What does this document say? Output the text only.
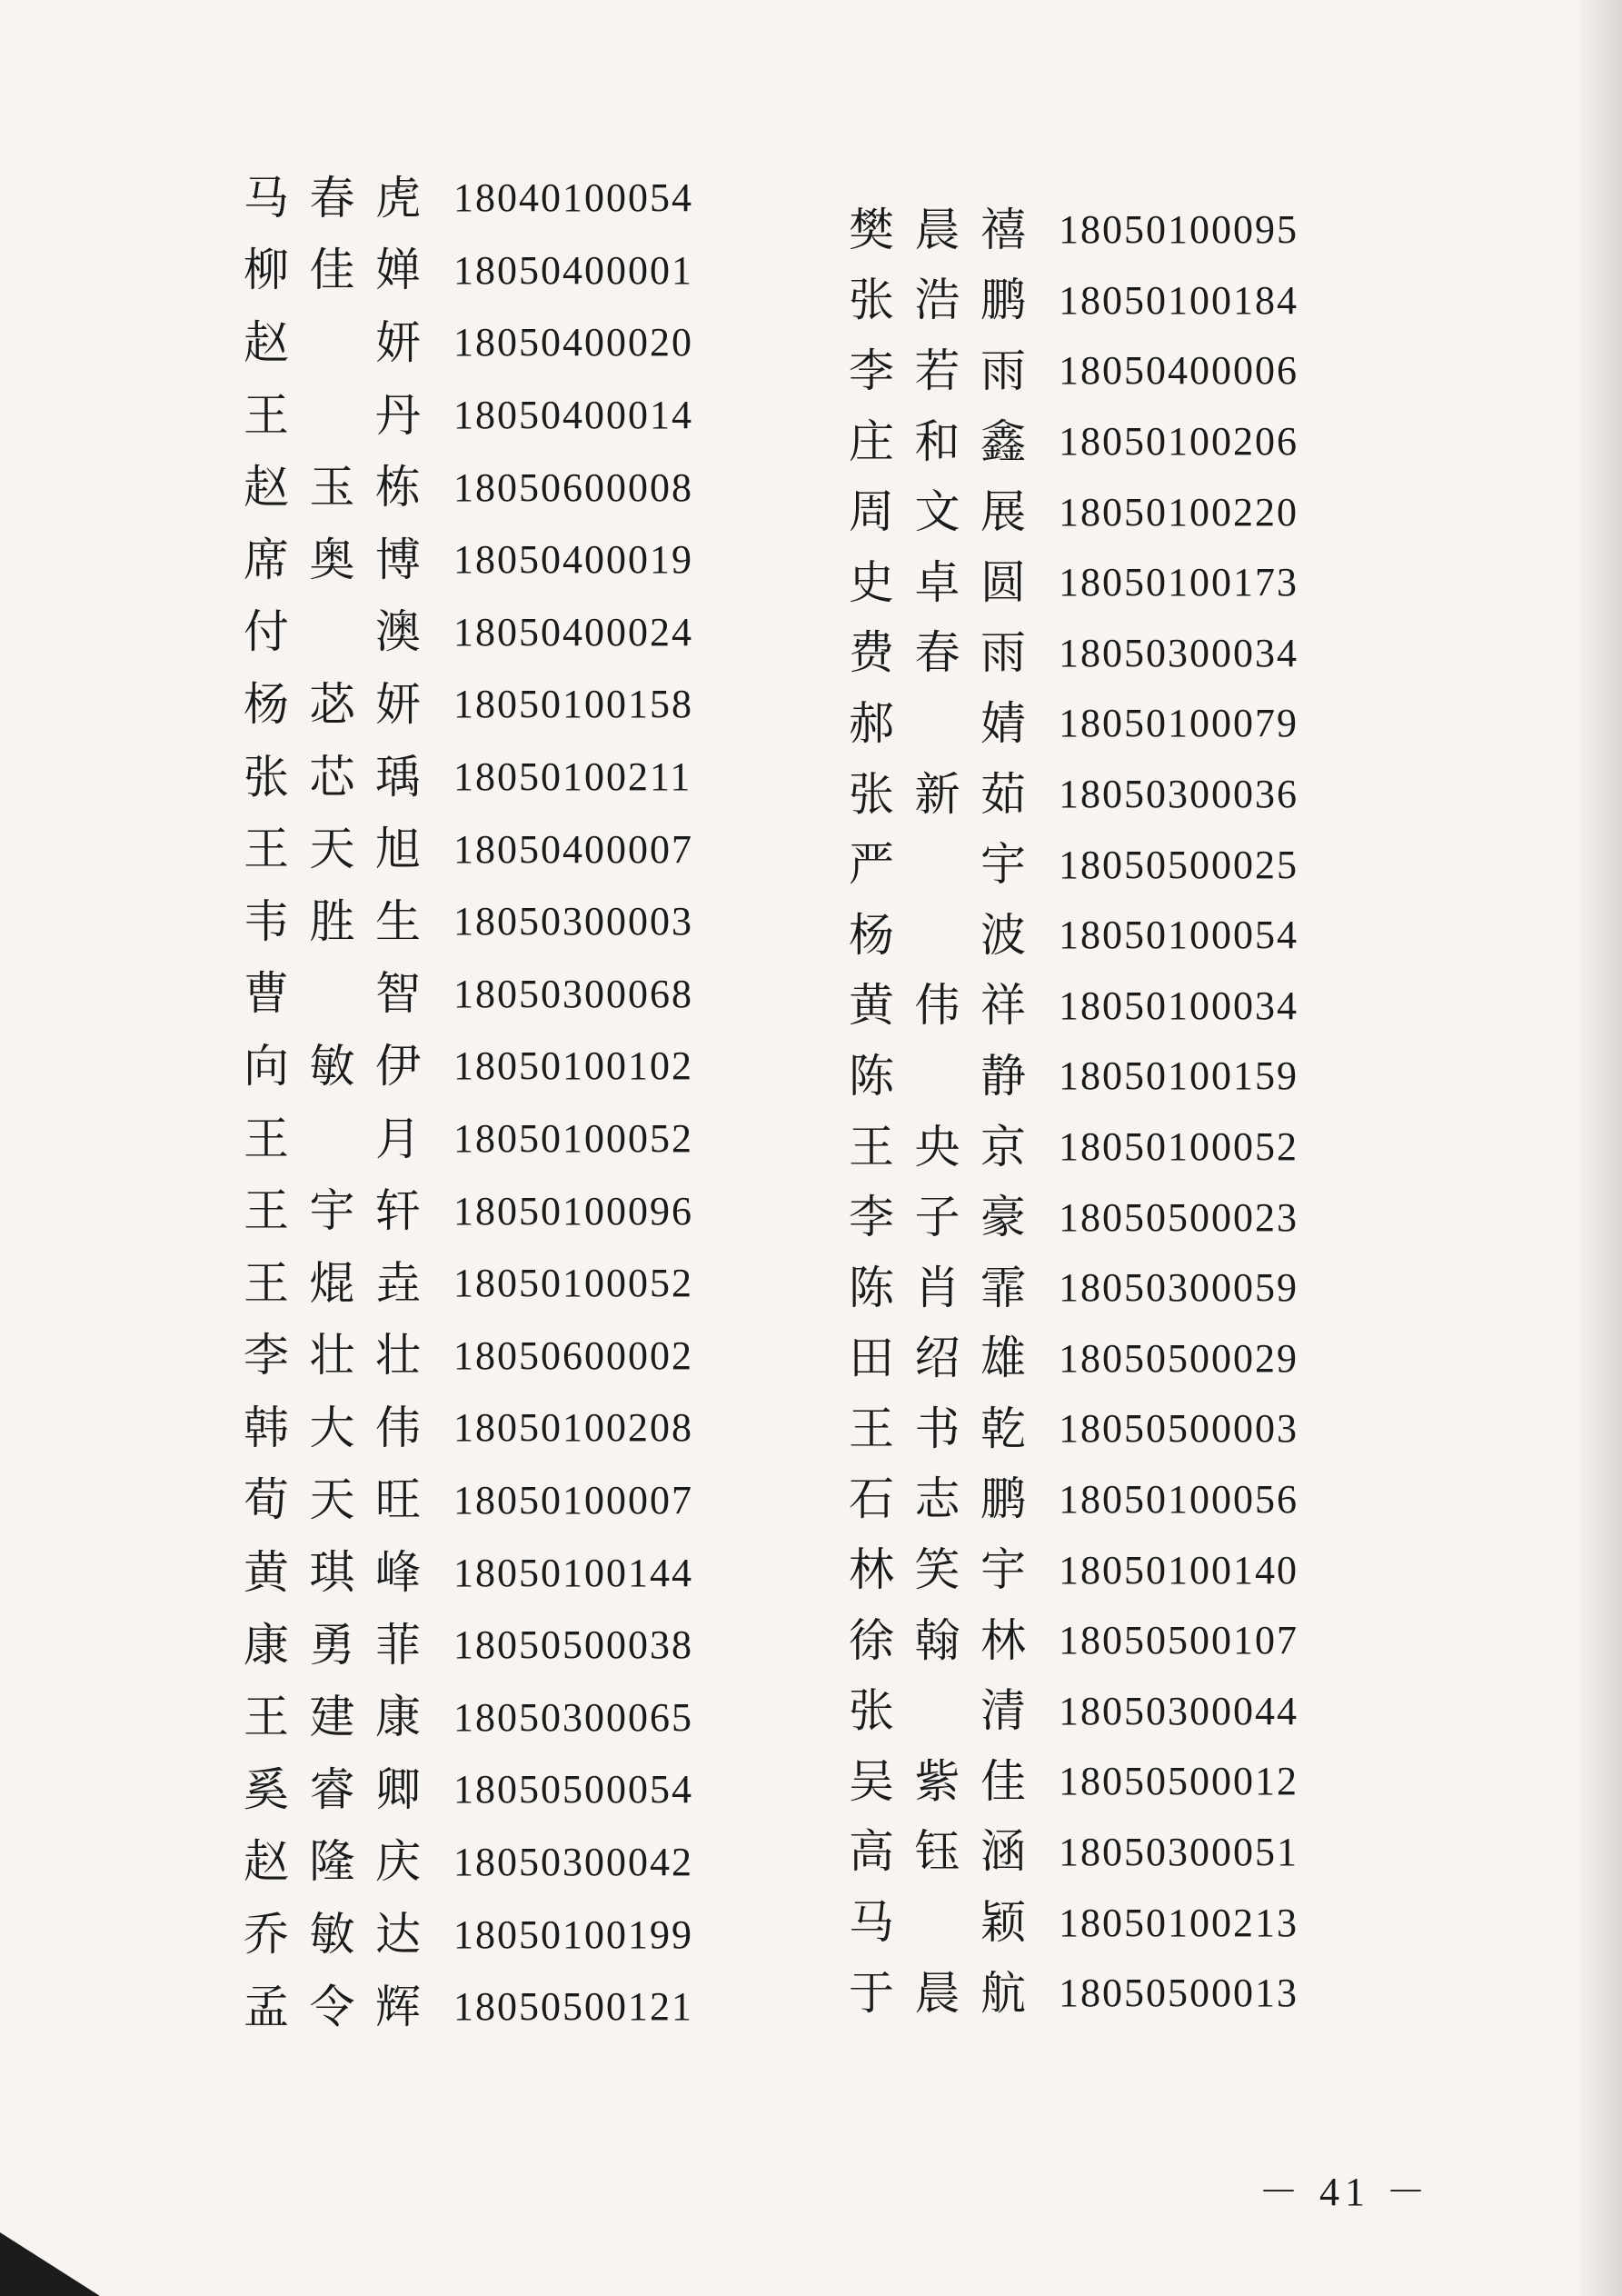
马 春 虎 18040100054
柳 佳 婵 18050400001
赵 妍 18050400020
王 丹 18050400014
赵 玉 栋 18050600008
席 奥 博 18050400019
付 澳 18050400024
杨 苾 妍 18050100158
张 芯 瑀 18050100211
王 天 旭 18050400007
韦 胜 生 18050300003
曹 智 18050300068
向 敏 伊 18050100102
王 月 18050100052
王 宇 轩 18050100096
王 焜 垚 18050100052
李 壮 壮 18050600002
韩 大 伟 18050100208
荀 天 旺 18050100007
黄 琪 峰 18050100144
康 勇 菲 18050500038
王 建 康 18050300065
奚 睿 卿 18050500054
赵 隆 庆 18050300042
乔 敏 达 18050100199
孟 令 辉 18050500121
樊 晨 禧 18050100095
张 浩 鹏 18050100184
李 若 雨 18050400006
庄 和 鑫 18050100206
周 文 展 18050100220
史 卓 圆 18050100173
费 春 雨 18050300034
郝 婧 18050100079
张 新 茹 18050300036
严 宇 18050500025
杨 波 18050100054
黄 伟 祥 18050100034
陈 静 18050100159
王 央 京 18050100052
李 子 豪 18050500023
陈 肖 霏 18050300059
田 绍 雄 18050500029
王 书 乾 18050500003
石 志 鹏 18050100056
林 笑 宇 18050100140
徐 翰 林 18050500107
张 清 18050300044
吴 紫 佳 18050500012
高 钰 涵 18050300051
马 颖 18050100213
于 晨 航 18050500013
－ 41 －
